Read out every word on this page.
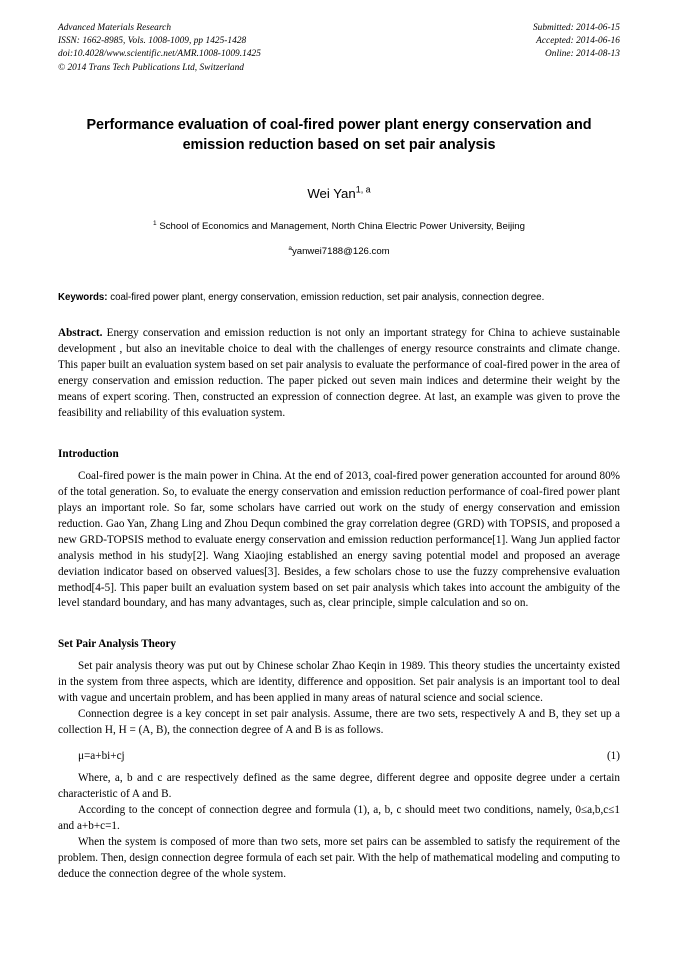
Advanced Materials Research
ISSN: 1662-8985, Vols. 1008-1009, pp 1425-1428
doi:10.4028/www.scientific.net/AMR.1008-1009.1425
© 2014 Trans Tech Publications Ltd, Switzerland
Submitted: 2014-06-15
Accepted: 2014-06-16
Online: 2014-08-13
Performance evaluation of coal-fired power plant energy conservation and emission reduction based on set pair analysis
Wei Yan$^{1, a}$
$^1$ School of Economics and Management, North China Electric Power University, Beijing
$^a$yanwei7188@126.com
Keywords: coal-fired power plant, energy conservation, emission reduction, set pair analysis, connection degree.
Abstract. Energy conservation and emission reduction is not only an important strategy for China to achieve sustainable development , but also an inevitable choice to deal with the challenges of energy resource constraints and climate change. This paper built an evaluation system based on set pair analysis to evaluate the performance of coal-fired power in the area of energy conservation and emission reduction. The paper picked out seven main indices and determine their weight by the means of expert scoring. Then, constructed an expression of connection degree. At last, an example was given to prove the feasibility and reliability of this evaluation system.
Introduction

Coal-fired power is the main power in China. At the end of 2013, coal-fired power generation accounted for around 80% of the total generation. So, to evaluate the energy conservation and emission reduction performance of coal-fired power plant plays an important role. So far, some scholars have carried out work on the study of energy conservation and emission reduction. Gao Yan, Zhang Ling and Zhou Dequn combined the gray correlation degree (GRD) with TOPSIS, and proposed a new GRD-TOPSIS method to evaluate energy conservation and emission reduction performance[1]. Wang Jun applied factor analysis method in his study[2]. Wang Xiaojing established an energy saving potential model and proposed an average deviation indicator based on observed values[3]. Besides, a few scholars chose to use the fuzzy comprehensive evaluation method[4-5]. This paper built an evaluation system based on set pair analysis which takes into account the ambiguity of the level standard boundary, and has many advantages, such as, clear principle, simple calculation and so on.

Set Pair Analysis Theory

Set pair analysis theory was put out by Chinese scholar Zhao Keqin in 1989. This theory studies the uncertainty existed in the system from three aspects, which are identity, difference and opposition. Set pair analysis is an important tool to deal with vague and uncertain problem, and has been applied in many areas of natural science and social science.

Connection degree is a key concept in set pair analysis. Assume, there are two sets, respectively A and B, they set up a collection H, H = (A, B), the connection degree of A and B is as follows.

μ=a+bi+cj	(1)

Where, a, b and c are respectively defined as the same degree, different degree and opposite degree under a certain characteristic of A and B.

According to the concept of connection degree and formula (1), a, b, c should meet two conditions, namely, 0≤a,b,c≤1 and a+b+c=1.

When the system is composed of more than two sets, more set pairs can be assembled to satisfy the requirement of the problem. Then, design connection degree formula of each set pair. With the help of mathematical modeling and computing to deduce the connection degree of the whole system.
